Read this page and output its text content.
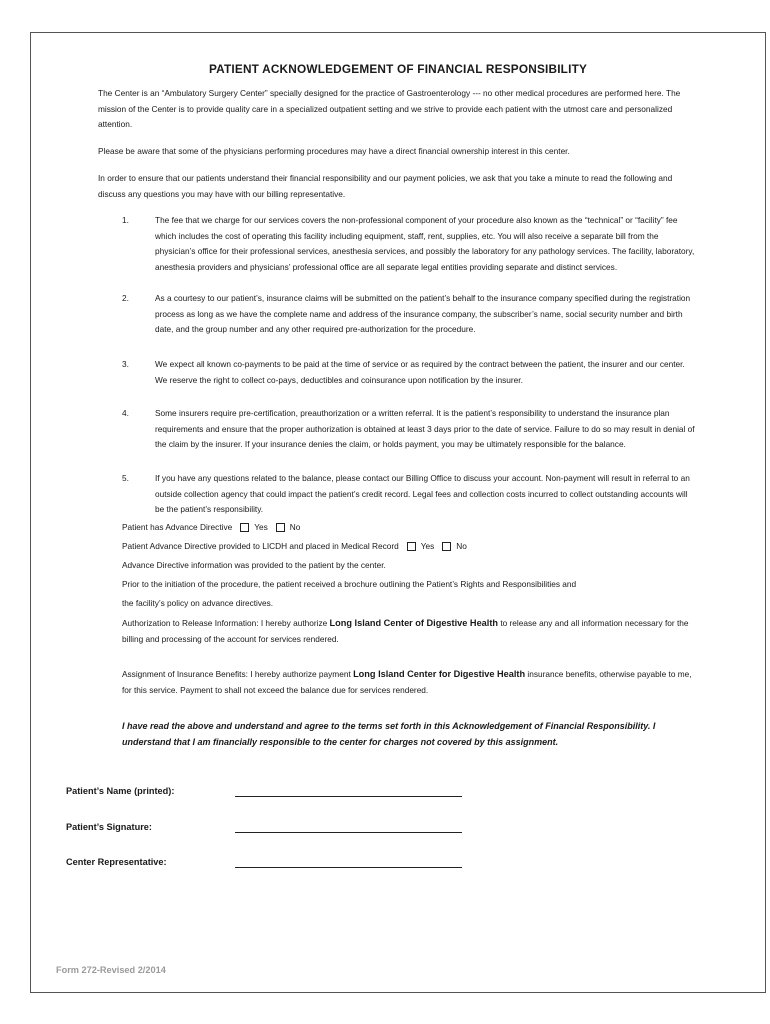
PATIENT ACKNOWLEDGEMENT OF FINANCIAL RESPONSIBILITY
The Center is an “Ambulatory Surgery Center” specially designed for the practice of Gastroenterology --- no other medical procedures are performed here. The mission of the Center is to provide quality care in a specialized outpatient setting and we strive to provide each patient with the utmost care and personalized attention.
Please be aware that some of the physicians performing procedures may have a direct financial ownership interest in this center.
In order to ensure that our patients understand their financial responsibility and our payment policies, we ask that you take a minute to read the following and discuss any questions you may have with our billing representative.
1.	The fee that we charge for our services covers the non-professional component of your procedure also known as the “technical” or “facility” fee which includes the cost of operating this facility including equipment, staff, rent, supplies, etc. You will also receive a separate bill from the physician’s office for their professional services, anesthesia services, and possibly the laboratory for any pathology services. The facility, laboratory, anesthesia providers and physicians’ professional office are all separate legal entities providing separate and distinct services.
2.	As a courtesy to our patient’s, insurance claims will be submitted on the patient’s behalf to the insurance company specified during the registration process as long as we have the complete name and address of the insurance company, the subscriber’s name, social security number and birth date, and the group number and any other required pre-authorization for the procedure.
3.	We expect all known co-payments to be paid at the time of service or as required by the contract between the patient, the insurer and our center. We reserve the right to collect co-pays, deductibles and coinsurance upon notification by the insurer.
4.	Some insurers require pre-certification, preauthorization or a written referral. It is the patient’s responsibility to understand the insurance plan requirements and ensure that the proper authorization is obtained at least 3 days prior to the date of service. Failure to do so may result in denial of the claim by the insurer. If your insurance denies the claim, or holds payment, you may be ultimately responsible for the balance.
5.	If you have any questions related to the balance, please contact our Billing Office to discuss your account. Non-payment will result in referral to an outside collection agency that could impact the patient’s credit record. Legal fees and collection costs incurred to collect outstanding accounts will be the patient’s responsibility.
Patient has Advance Directive	Yes	No
Patient Advance Directive provided to LICDH and placed in Medical Record	Yes	No
Advance Directive information was provided to the patient by the center.
Prior to the initiation of the procedure, the patient received a brochure outlining the Patient’s Rights and Responsibilities and
the facility’s policy on advance directives.
Authorization to Release Information: I hereby authorize Long Island Center of Digestive Health to release any and all information necessary for the billing and processing of the account for services rendered.
Assignment of Insurance Benefits: I hereby authorize payment Long Island Center for Digestive Health insurance benefits, otherwise payable to me, for this service. Payment to shall not exceed the balance due for services rendered.
I have read the above and understand and agree to the terms set forth in this Acknowledgement of Financial Responsibility. I understand that I am financially responsible to the center for charges not covered by this assignment.
Patient’s Name (printed):
Patient’s Signature:
Center Representative:
Form 272-Revised 2/2014
